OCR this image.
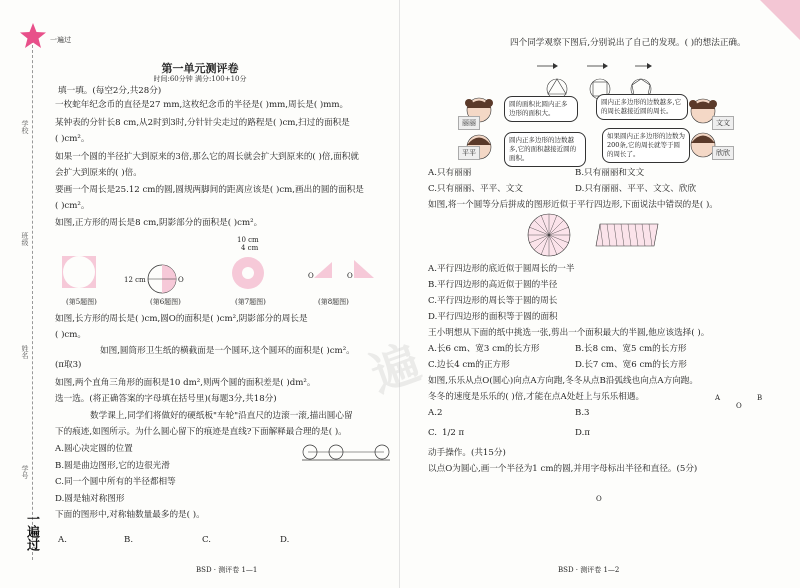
学校
班级
姓名
学号
一遍过
一遍过
第一单元测评卷
时间:60分钟 满分:100+10分
填一填。(每空2分,共28分)
一枚蛇年纪念币的直径是27 mm,这枚纪念币的半径是( )mm,周长是( )mm。
某钟表的分针长8 cm,从2时到3时,分针针尖走过的路程是( )cm,扫过的面积是
( )cm²。
如果一个圆的半径扩大到原来的3倍,那么它的周长就会扩大到原来的( )倍,面积就
会扩大到原来的( )倍。
要画一个周长是25.12 cm的圆,圆规两脚间的距离应该是( )cm,画出的圆的面积是
( )cm²。
如图,正方形的周长是8 cm,阴影部分的面积是( )cm²。
12 cm	O
10 cm
4 cm
O	O
(第5题图)	(第6题图)	(第7题图)	(第8题图)
如图,长方形的周长是( )cm,圆O的面积是( )cm²,阴影部分的周长是
( )cm。
如图,圆筒形卫生纸的横截面是一个圆环,这个圆环的面积是( )cm²。
(π取3)
如图,两个直角三角形的面积是10 dm²,则两个圆的面积差是( )dm²。
选一选。(将正确答案的字母填在括号里)(每题3分,共18分)
数学课上,同学们将做好的硬纸板"车轮"沿直尺的边滚一滚,描出圆心留
下的痕迹,如图所示。为什么圆心留下的痕迹是直线?下面解释最合理的是( )。
A.圆心决定圆的位置
B.圆是曲边图形,它的边很光滑
C.同一个圆中所有的半径都相等
D.圆是轴对称图形
下面的图形中,对称轴数量最多的是( )。
A.	B.	C.	D.
BSD · 测评卷 1—1
四个同学观察下图后,分别说出了自己的发现。( )的想法正确。
丽丽
圆的面积比圆内正多边形的面积大。
平平
圆内正多边形的边数越多,它的面积越接近圆的面积。
圆内正多边形的边数越多,它的周长越接近圆的周长。
文文
如果圆内正多边形的边数为200条,它的周长就等于圆的周长了。	欣欣
A.只有丽丽	B.只有丽丽和文文
C.只有丽丽、平平、文文	D.只有丽丽、平平、文文、欣欣
如图,将一个圆等分后拼成的图形近似于平行四边形,下面说法中错误的是( )。
A.平行四边形的底近似于圆周长的一半
B.平行四边形的高近似于圆的半径
C.平行四边形的周长等于圆的周长
D.平行四边形的面积等于圆的面积
王小明想从下面的纸中挑选一张,剪出一个面积最大的半圆,他应该选择( )。
A.长6 cm、宽3 cm的长方形	B.长8 cm、宽5 cm的长方形
C.边长4 cm的正方形	D.长7 cm、宽6 cm的长方形
如图,乐乐从点O(圆心)向点A方向跑,冬冬从点B沿弧线也向点A方向跑。
冬冬的速度是乐乐的( )倍,才能在点A处赶上与乐乐相遇。	A
O
B
A.2	B.3
C. 1/2 π	D.π
动手操作。(共15分)
以点O为圆心,画一个半径为1 cm的圆,并用字母标出半径和直径。(5分)
O
遍
BSD · 测评卷 1—2
